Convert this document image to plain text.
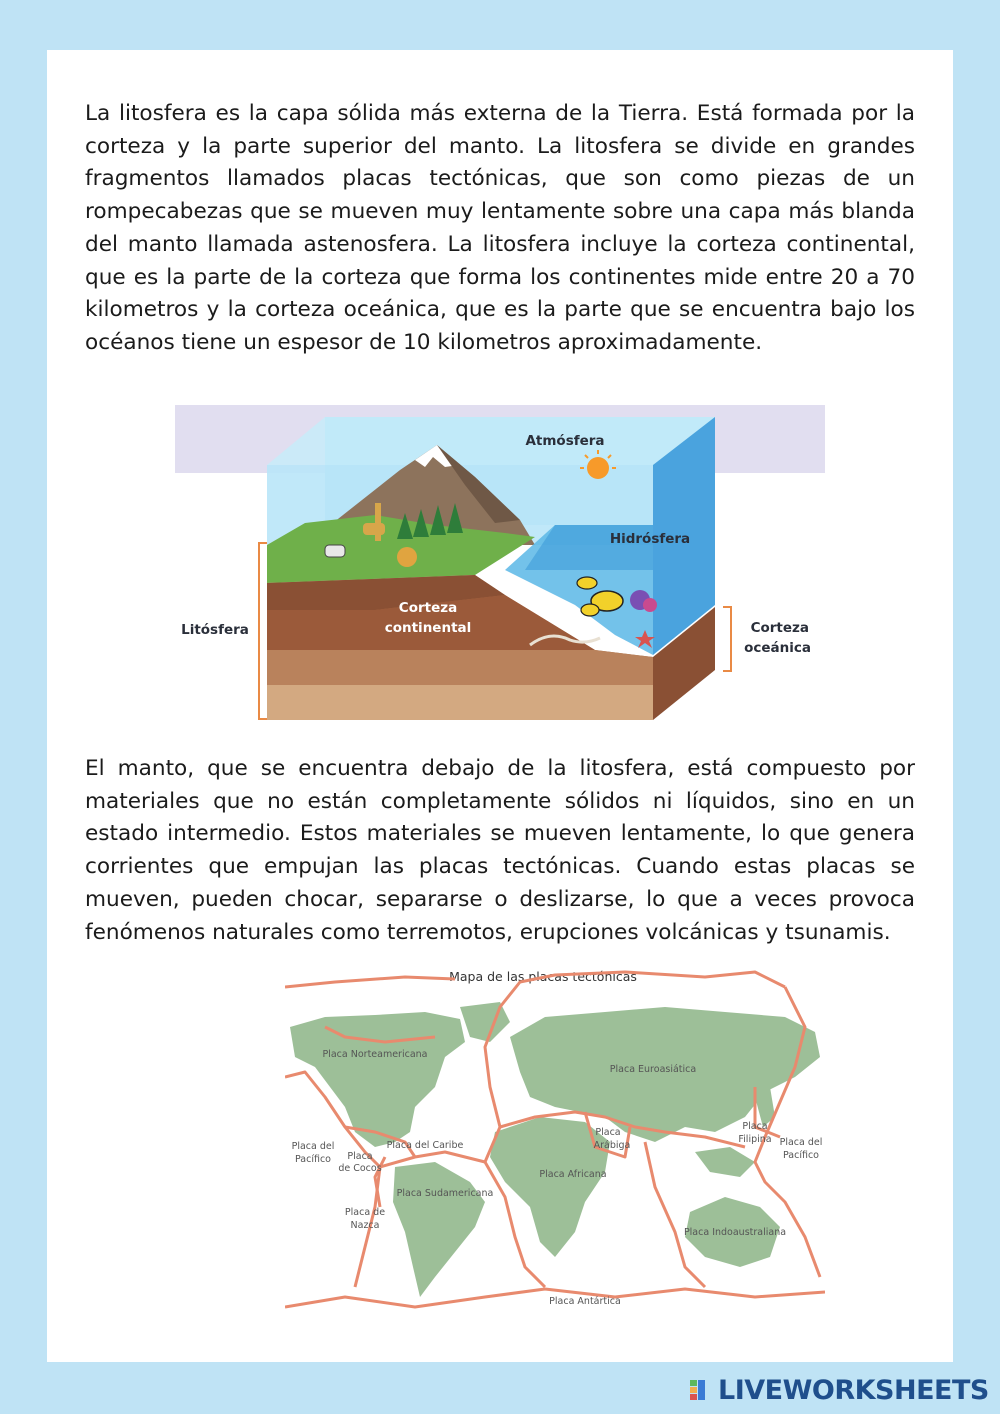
La litosfera es la capa sólida más externa de la Tierra. Está formada por la corteza y la parte superior del manto. La litosfera se divide en grandes fragmentos llamados placas tectónicas, que son como piezas de un rompecabezas que se mueven muy lentamente sobre una capa más blanda del manto llamada astenosfera. La litosfera incluye la corteza continental, que es la parte de la corteza que forma los continentes mide entre 20 a 70 kilometros y la corteza oceánica, que es la parte que se encuentra bajo los océanos tiene un espesor de 10 kilometros aproximadamente.

Atmósfera
Hidrósfera
Litósfera
Corteza
continental	Corteza
oceánica

El manto, que se encuentra debajo de la litosfera, está compuesto por materiales que no están completamente sólidos ni líquidos, sino en un estado intermedio. Estos materiales se mueven lentamente, lo que genera corrientes que empujan las placas tectónicas. Cuando estas placas se mueven, pueden chocar, separarse o deslizarse, lo que a veces provoca fenómenos naturales como terremotos, erupciones volcánicas y tsunamis.

Mapa de las placas tectónicas
Placa Norteamericana
Placa Euroasiática
Placa del
Pacífico
Placa del Caribe
Placa
de Cocos
Placa Sudamericana
Placa de
Nazca
Placa Africana
Placa
Arábiga
Placa
Filipina Placa del
Pacífico
Placa Indoaustraliana
Placa Antártica
LIVEWORKSHEETS
